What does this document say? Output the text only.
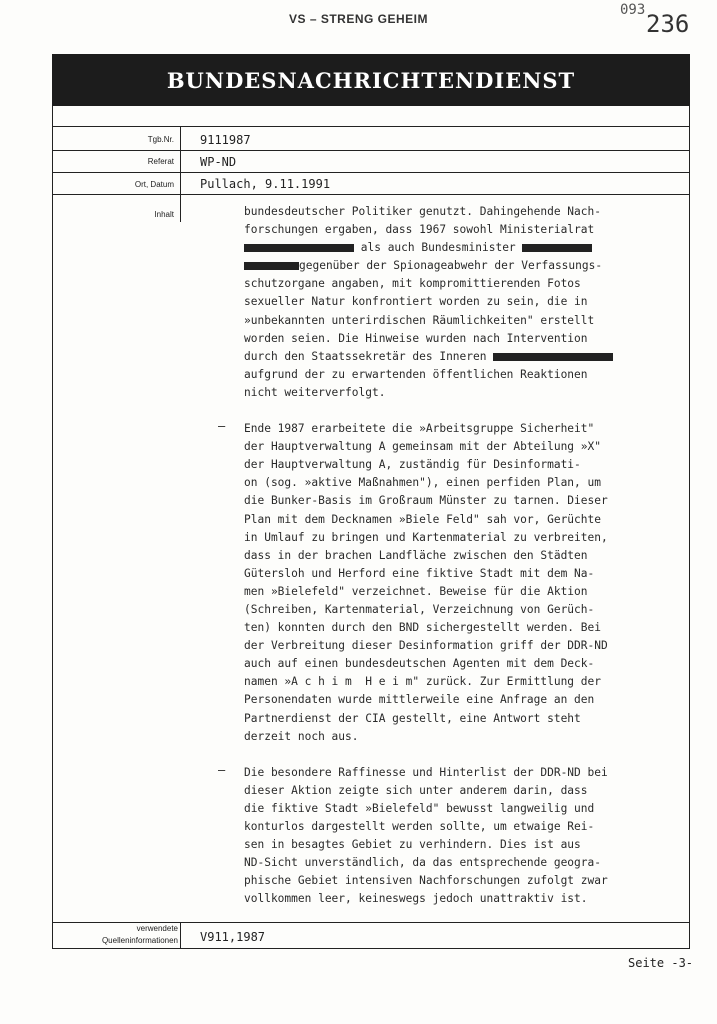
VS – STRENG GEHEIM
093 236
BUNDESNACHRICHTENDIENST
Tgb.Nr. 9111987
Referat WP-ND
Ort, Datum Pullach, 9.11.1991
Inhalt	bundesdeutscher Politiker genutzt. Dahingehende Nach-

forschungen ergaben, dass 1967 sowohl Ministerialrat

als auch Bundesminister

gegenüber der Spionageabwehr der Verfassungs-

schutzorgane angaben, mit kompromittierenden Fotos

sexueller Natur konfrontiert worden zu sein, die in

»unbekannten unterirdischen Räumlichkeiten" erstellt

worden seien. Die Hinweise wurden nach Intervention

durch den Staatssekretär des Inneren

aufgrund der zu erwartenden öffentlichen Reaktionen

nicht weiterverfolgt.

Ende 1987 erarbeitete die »Arbeitsgruppe Sicherheit"

der Hauptverwaltung A gemeinsam mit der Abteilung »X"

der Hauptverwaltung A, zuständig für Desinformati-

on (sog. »aktive Maßnahmen"), einen perfiden Plan, um

die Bunker-Basis im Großraum Münster zu tarnen. Dieser

Plan mit dem Decknamen »Biele Feld" sah vor, Gerüchte

in Umlauf zu bringen und Kartenmaterial zu verbreiten,

dass in der brachen Landfläche zwischen den Städten

Gütersloh und Herford eine fiktive Stadt mit dem Na-

men »Bielefeld" verzeichnet. Beweise für die Aktion

(Schreiben, Kartenmaterial, Verzeichnung von Gerüch-

ten) konnten durch den BND sichergestellt werden. Bei

der Verbreitung dieser Desinformation griff der DDR-ND

auch auf einen bundesdeutschen Agenten mit dem Deck-

namen »A c h i m  H e i m" zurück. Zur Ermittlung der

Personendaten wurde mittlerweile eine Anfrage an den

Partnerdienst der CIA gestellt, eine Antwort steht

derzeit noch aus.

Die besondere Raffinesse und Hinterlist der DDR-ND bei

dieser Aktion zeigte sich unter anderem darin, dass

die fiktive Stadt »Bielefeld" bewusst langweilig und

konturlos dargestellt werden sollte, um etwaige Rei-

sen in besagtes Gebiet zu verhindern. Dies ist aus

ND-Sicht unverständlich, da das entsprechende geogra-

phische Gebiet intensiven Nachforschungen zufolgt zwar

vollkommen leer, keineswegs jedoch unattraktiv ist.

–
–
verwendete
Quelleninformationen V911,1987
Seite -3-
